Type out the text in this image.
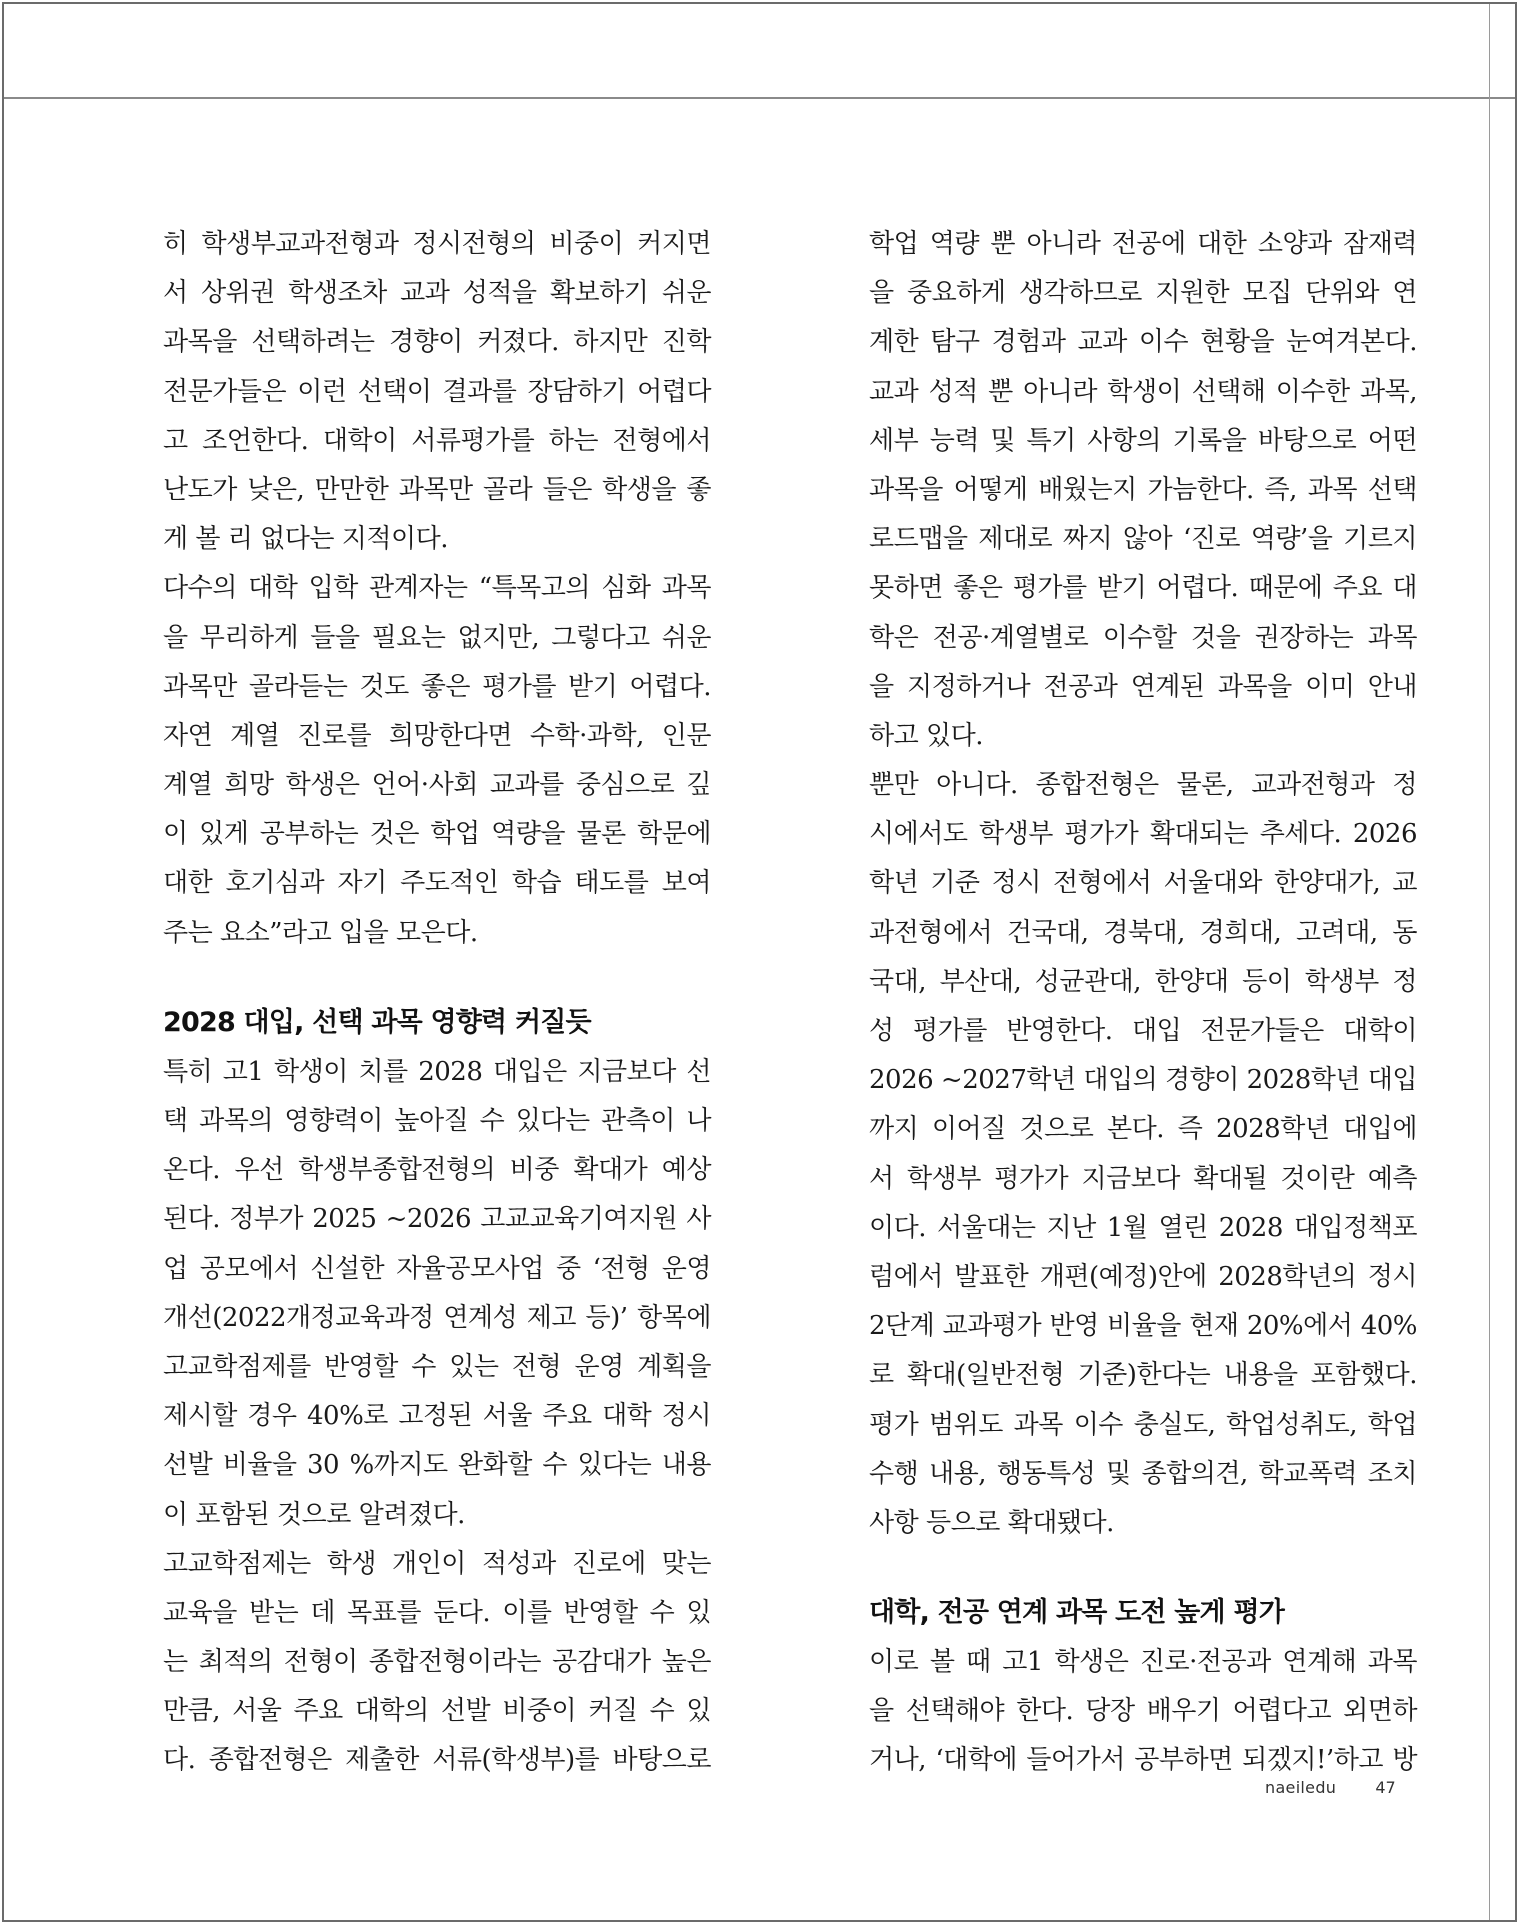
히 학생부교과전형과 정시전형의 비중이 커지면
서 상위권 학생조차 교과 성적을 확보하기 쉬운
과목을 선택하려는 경향이 커졌다. 하지만 진학
전문가들은 이런 선택이 결과를 장담하기 어렵다
고 조언한다. 대학이 서류평가를 하는 전형에서
난도가 낮은, 만만한 과목만 골라 들은 학생을 좋
게 볼 리 없다는 지적이다.
다수의 대학 입학 관계자는 “특목고의 심화 과목
을 무리하게 들을 필요는 없지만, 그렇다고 쉬운
과목만 골라듣는 것도 좋은 평가를 받기 어렵다.
자연 계열 진로를 희망한다면 수학·과학, 인문
계열 희망 학생은 언어·사회 교과를 중심으로 깊
이 있게 공부하는 것은 학업 역량을 물론 학문에
대한 호기심과 자기 주도적인 학습 태도를 보여
주는 요소”라고 입을 모은다.
2028 대입, 선택 과목 영향력 커질듯
특히 고1 학생이 치를 2028 대입은 지금보다 선
택 과목의 영향력이 높아질 수 있다는 관측이 나
온다. 우선 학생부종합전형의 비중 확대가 예상
된다. 정부가 2025 ~2026 고교교육기여지원 사
업 공모에서 신설한 자율공모사업 중 ‘전형 운영
개선(2022개정교육과정 연계성 제고 등)’ 항목에
고교학점제를 반영할 수 있는 전형 운영 계획을
제시할 경우 40%로 고정된 서울 주요 대학 정시
선발 비율을 30 %까지도 완화할 수 있다는 내용
이 포함된 것으로 알려졌다.
고교학점제는 학생 개인이 적성과 진로에 맞는
교육을 받는 데 목표를 둔다. 이를 반영할 수 있
는 최적의 전형이 종합전형이라는 공감대가 높은
만큼, 서울 주요 대학의 선발 비중이 커질 수 있
다. 종합전형은 제출한 서류(학생부)를 바탕으로
학업 역량 뿐 아니라 전공에 대한 소양과 잠재력
을 중요하게 생각하므로 지원한 모집 단위와 연
계한 탐구 경험과 교과 이수 현황을 눈여겨본다.
교과 성적 뿐 아니라 학생이 선택해 이수한 과목,
세부 능력 및 특기 사항의 기록을 바탕으로 어떤
과목을 어떻게 배웠는지 가늠한다. 즉, 과목 선택
로드맵을 제대로 짜지 않아 ‘진로 역량’을 기르지
못하면 좋은 평가를 받기 어렵다. 때문에 주요 대
학은 전공·계열별로 이수할 것을 권장하는 과목
을 지정하거나 전공과 연계된 과목을 이미 안내
하고 있다.
뿐만 아니다. 종합전형은 물론, 교과전형과 정
시에서도 학생부 평가가 확대되는 추세다. 2026
학년 기준 정시 전형에서 서울대와 한양대가, 교
과전형에서 건국대, 경북대, 경희대, 고려대, 동
국대, 부산대, 성균관대, 한양대 등이 학생부 정
성 평가를 반영한다. 대입 전문가들은 대학이
2026 ~2027학년 대입의 경향이 2028학년 대입
까지 이어질 것으로 본다. 즉 2028학년 대입에
서 학생부 평가가 지금보다 확대될 것이란 예측
이다. 서울대는 지난 1월 열린 2028 대입정책포
럼에서 발표한 개편(예정)안에 2028학년의 정시
2단계 교과평가 반영 비율을 현재 20%에서 40%
로 확대(일반전형 기준)한다는 내용을 포함했다.
평가 범위도 과목 이수 충실도, 학업성취도, 학업
수행 내용, 행동특성 및 종합의견, 학교폭력 조치
사항 등으로 확대됐다.
대학, 전공 연계 과목 도전 높게 평가
이로 볼 때 고1 학생은 진로·전공과 연계해 과목
을 선택해야 한다. 당장 배우기 어렵다고 외면하
거나, ‘대학에 들어가서 공부하면 되겠지!’하고 방
naeiledu 47
